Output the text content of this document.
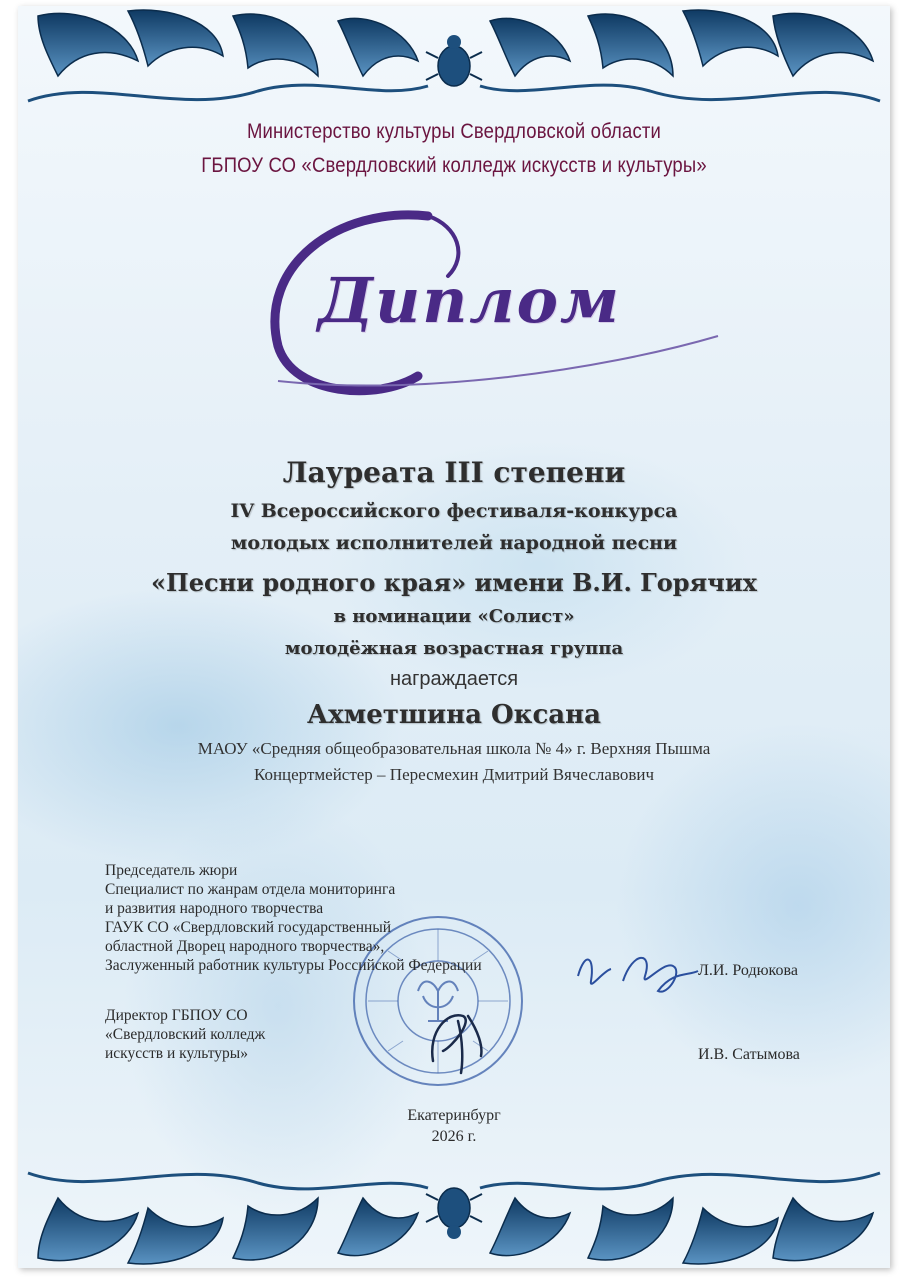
Министерство культуры Свердловской области
ГБПОУ СО «Свердловский колледж искусств и культуры»
Диплом
Лауреата III степени
IV Всероссийского фестиваля-конкурса
молодых исполнителей народной песни
«Песни родного края» имени В.И. Горячих
в номинации «Солист»
молодёжная возрастная группа
награждается
Ахметшина Оксана
МАОУ «Средняя общеобразовательная школа № 4» г. Верхняя Пышма
Концертмейстер – Пересмехин Дмитрий Вячеславович
Председатель жюри
Специалист по жанрам отдела мониторинга
и развития народного творчества
ГАУК СО «Свердловский государственный
областной Дворец народного творчества»,
Заслуженный работник культуры Российской Федерации	Л.И. Родюкова
Директор ГБПОУ СО
«Свердловский колледж
искусств и культуры»	И.В. Сатымова
Екатеринбург
2026 г.
